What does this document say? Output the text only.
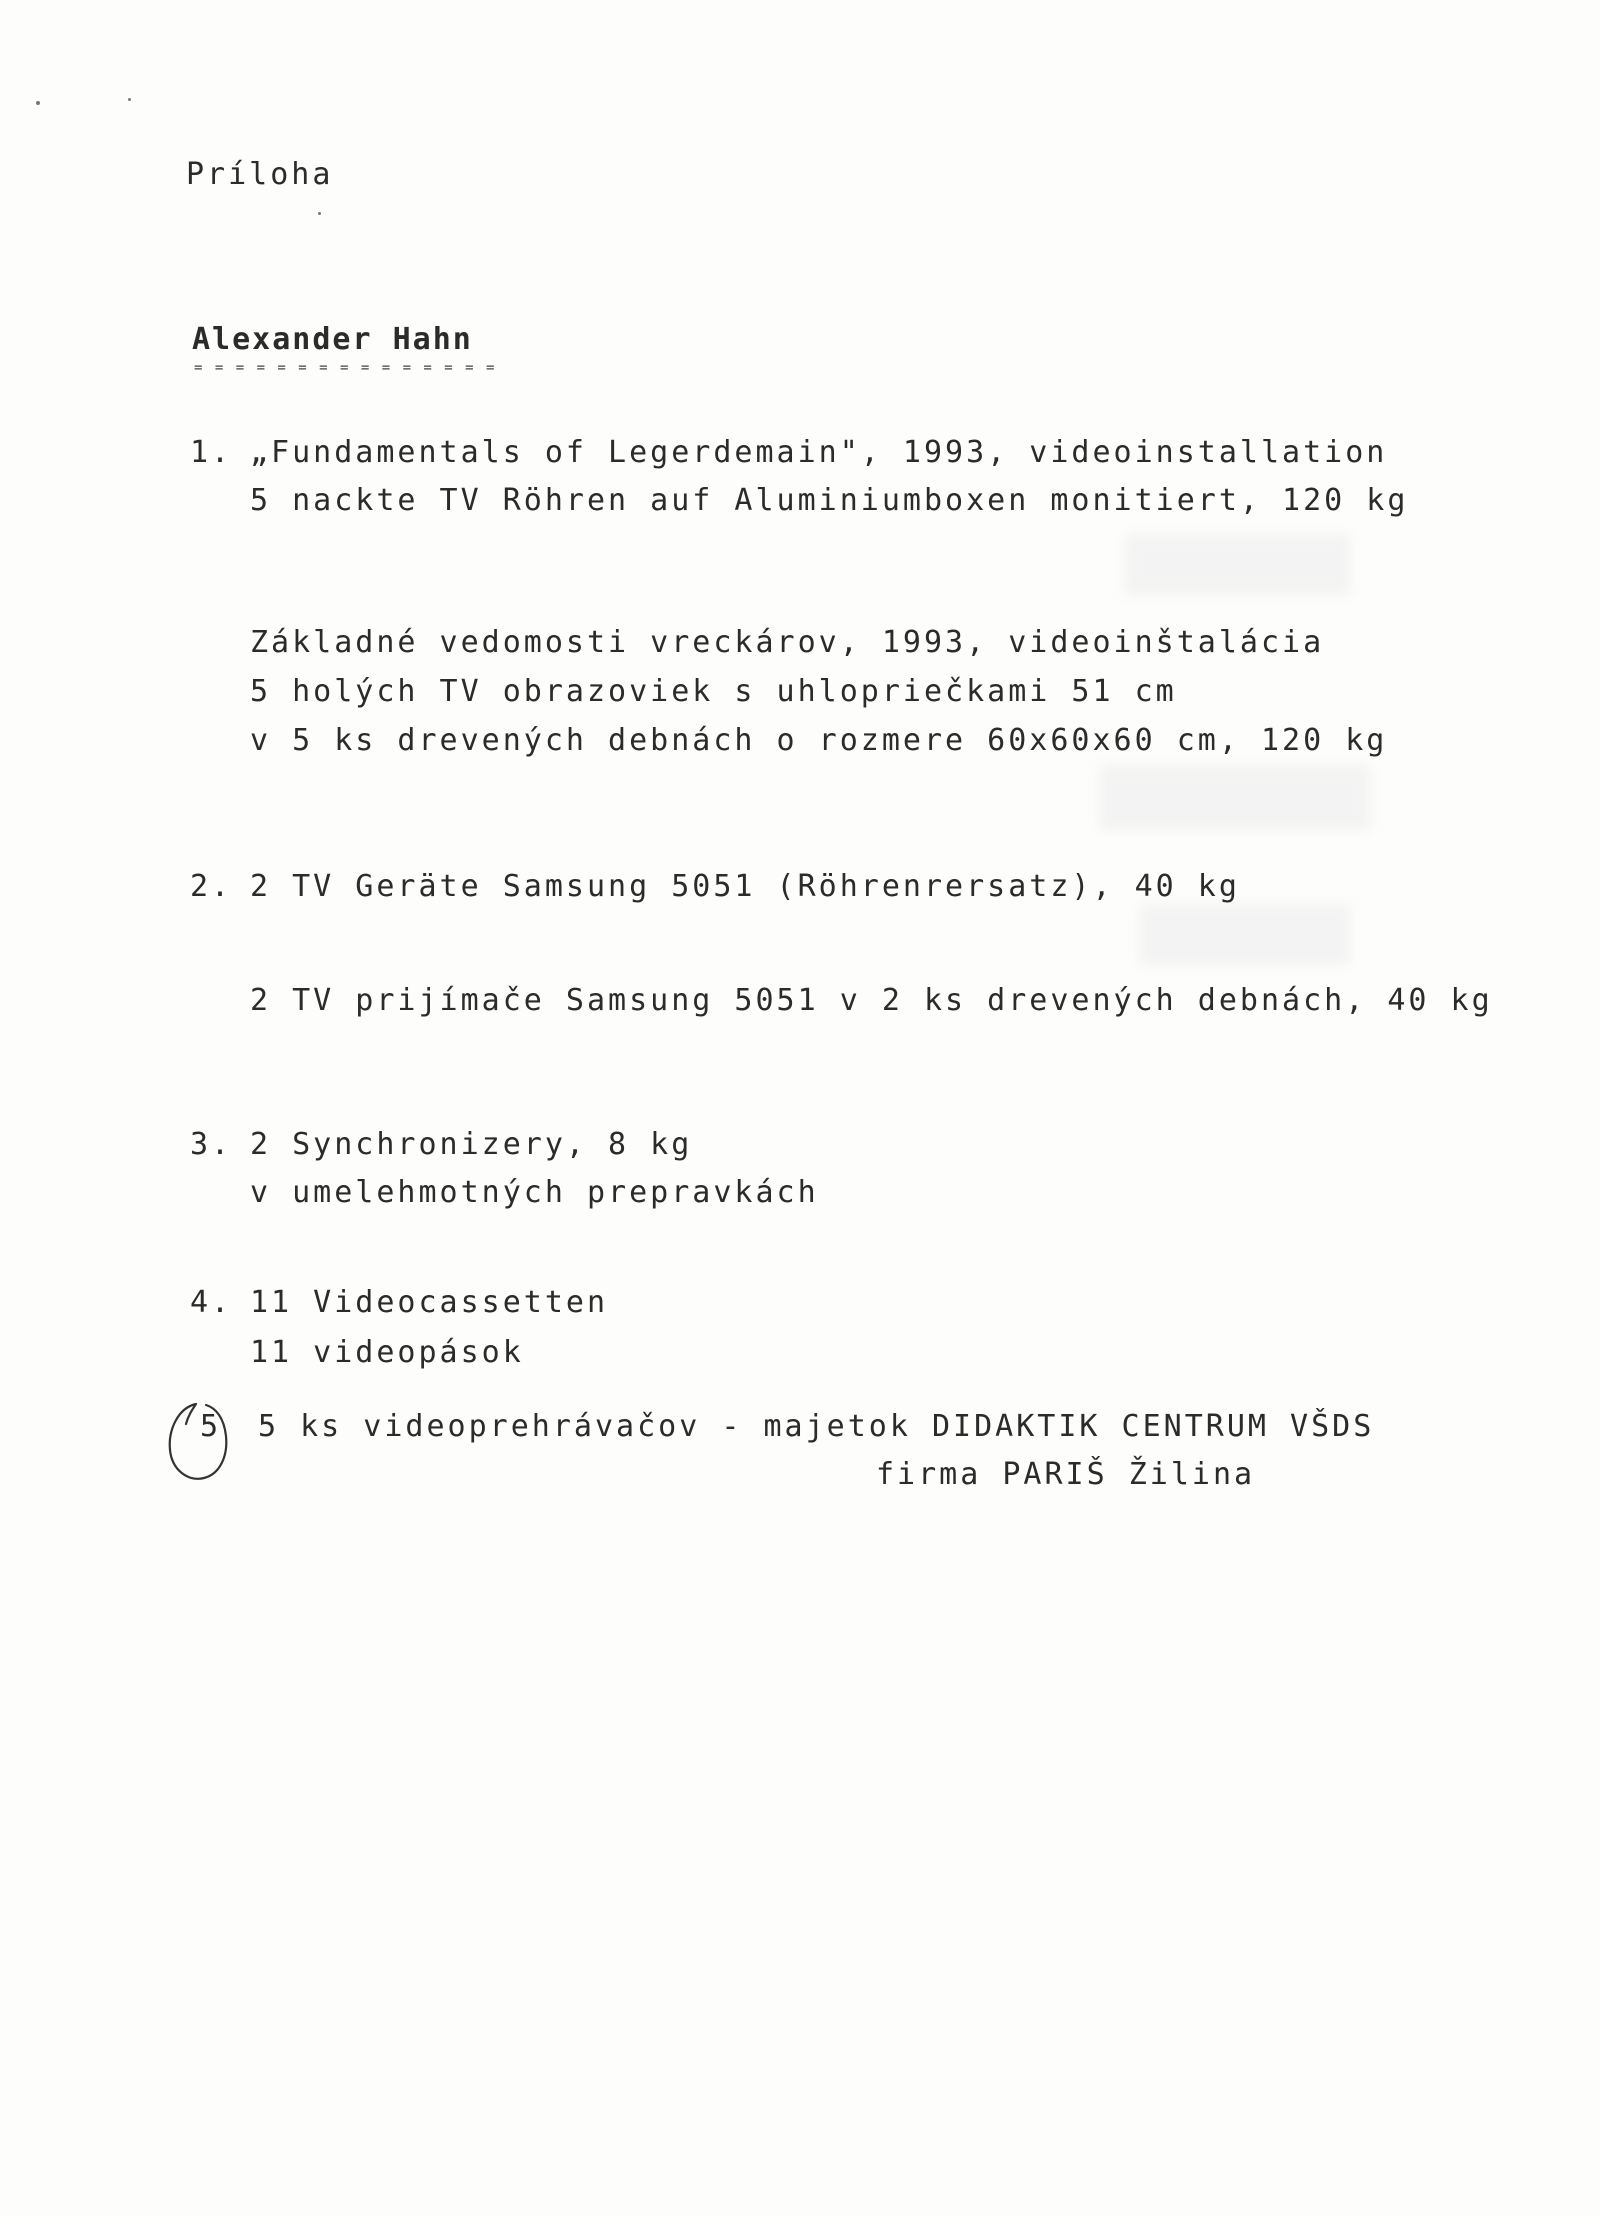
Príloha
Alexander Hahn
= = = = = = = = = = = = = = =
1. „Fundamentals of Legerdemain", 1993, videoinstallation
5 nackte TV Röhren auf Aluminiumboxen monitiert, 120 kg
Základné vedomosti vreckárov, 1993, videoinštalácia
5 holých TV obrazoviek s uhlopriečkami 51 cm
v 5 ks drevených debnách o rozmere 60x60x60 cm, 120 kg
2. 2 TV Geräte Samsung 5051 (Röhrenrersatz), 40 kg
2 TV prijímače Samsung 5051 v 2 ks drevených debnách, 40 kg
3. 2 Synchronizery, 8 kg
v umelehmotných prepravkách
4. 11 Videocassetten
11 videopások
5 5 ks videoprehrávačov - majetok DIDAKTIK CENTRUM VŠDS
firma PARIŠ Žilina
